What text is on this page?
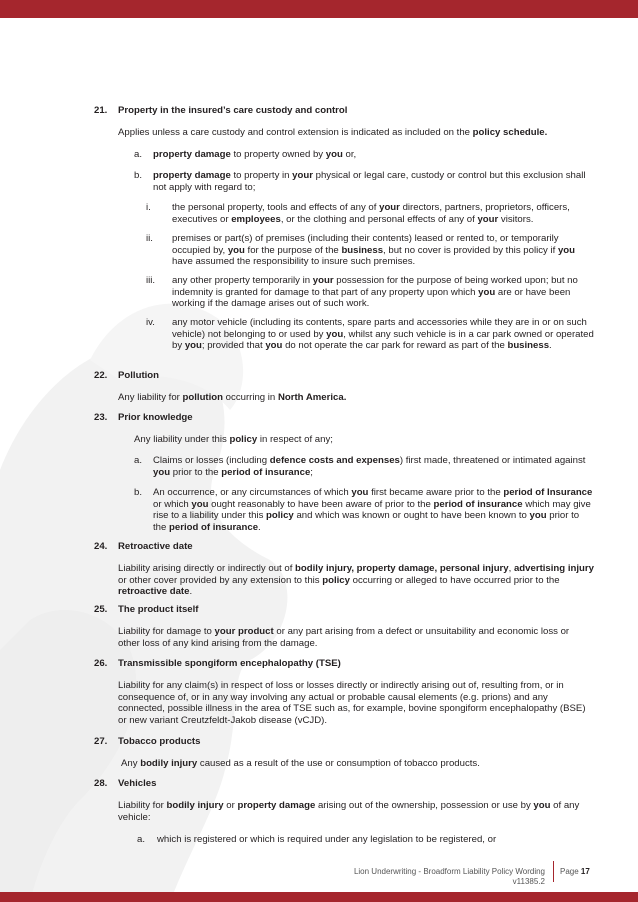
21. Property in the insured’s care custody and control

Applies unless a care custody and control extension is indicated as included on the policy schedule.

a. property damage to property owned by you or,

b. property damage to property in your physical or legal care, custody or control but this exclusion shall not apply with regard to;

i. the personal property, tools and effects of any of your directors, partners, proprietors, officers, executives or employees, or the clothing and personal effects of any of your visitors.

ii. premises or part(s) of premises (including their contents) leased or rented to, or temporarily occupied by, you for the purpose of the business, but no cover is provided by this policy if you have assumed the responsibility to insure such premises.

iii. any other property temporarily in your possession for the purpose of being worked upon; but no indemnity is granted for damage to that part of any property upon which you are or have been working if the damage arises out of such work.

iv. any motor vehicle (including its contents, spare parts and accessories while they are in or on such vehicle) not belonging to or used by you, whilst any such vehicle is in a car park owned or operated by you; provided that you do not operate the car park for reward as part of the business.

22. Pollution

Any liability for pollution occurring in North America.

23. Prior knowledge

Any liability under this policy in respect of any;

a. Claims or losses (including defence costs and expenses) first made, threatened or intimated against you prior to the period of insurance;

b. An occurrence, or any circumstances of which you first became aware prior to the period of Insurance or which you ought reasonably to have been aware of prior to the period of insurance which may give rise to a liability under this policy and which was known or ought to have been known to you prior to the period of insurance.

24. Retroactive date

Liability arising directly or indirectly out of bodily injury, property damage, personal injury, advertising injury or other cover provided by any extension to this policy occurring or alleged to have occurred prior to the retroactive date.

25. The product itself

Liability for damage to your product or any part arising from a defect or unsuitability and economic loss or other loss of any kind arising from the damage.

26. Transmissible spongiform encephalopathy (TSE)

Liability for any claim(s) in respect of loss or losses directly or indirectly arising out of, resulting from, or in consequence of, or in any way involving any actual or probable causal elements (e.g. prions) and any connected, possible illness in the area of TSE such as, for example, bovine spongiform encephalopathy (BSE) or new variant Creutzfeldt-Jakob disease (vCJD).

27. Tobacco products

Any bodily injury caused as a result of the use or consumption of tobacco products.

28. Vehicles

Liability for bodily injury or property damage arising out of the ownership, possession or use by you of any vehicle:

a. which is registered or which is required under any legislation to be registered, or

Lion Underwriting - Broadform Liability Policy Wording v11385.2
Page 17
